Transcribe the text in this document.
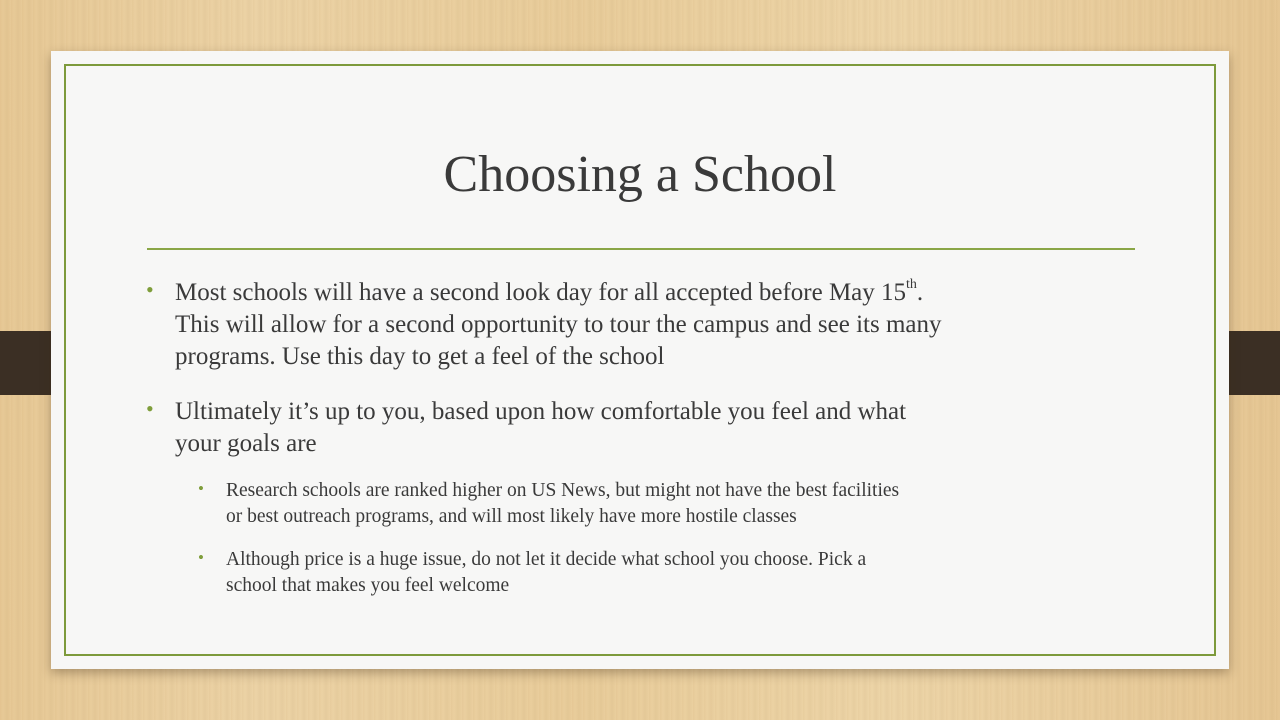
Choosing a School
• Most schools will have a second look day for all accepted before May 15th.
This will allow for a second opportunity to tour the campus and see its many
programs. Use this day to get a feel of the school
• Ultimately it’s up to you, based upon how comfortable you feel and what
your goals are
• Research schools are ranked higher on US News, but might not have the best facilities
or best outreach programs, and will most likely have more hostile classes
• Although price is a huge issue, do not let it decide what school you choose. Pick a
school that makes you feel welcome
